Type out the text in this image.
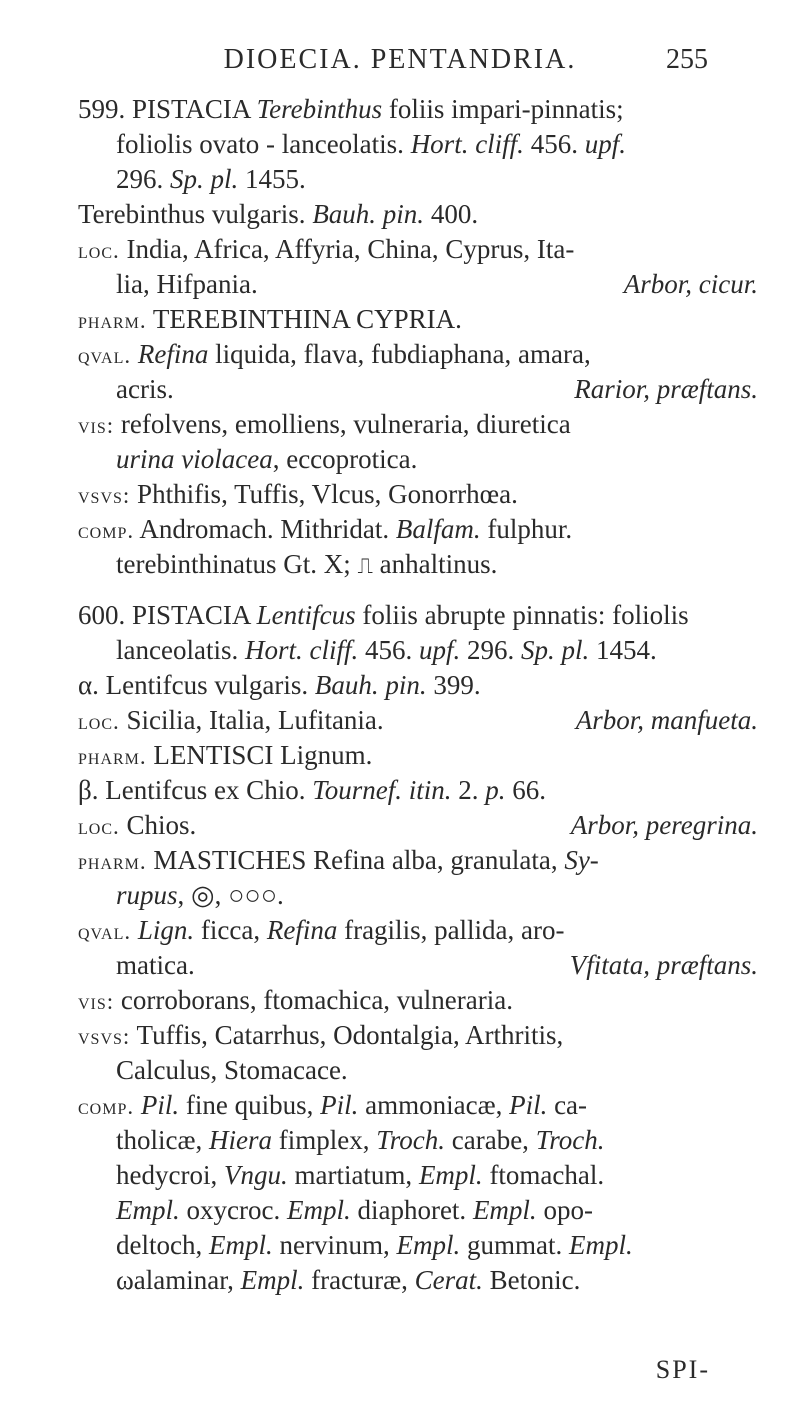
DIOECIA. PENTANDRIA.	255
599. PISTACIA Terebinthus foliis impari-pinnatis;
foliolis ovato - lanceolatis. Hort. cliff. 456. upf.
296. Sp. pl. 1455.
Terebinthus vulgaris. Bauh. pin. 400.
loc. India, Africa, Affyria, China, Cyprus, Ita-
lia, Hifpania.	Arbor, cicur.
pharm. TEREBINTHINA CYPRIA.
qval. Refina liquida, flava, fubdiaphana, amara,
acris.	Rarior, præftans.
vis: refolvens, emolliens, vulneraria, diuretica
urina violacea, eccoprotica.
vsvs: Phthifis, Tuffis, Vlcus, Gonorrhœa.
comp. Andromach. Mithridat. Balfam. fulphur.
terebinthinatus Gt. X; ⎍ anhaltinus.
600. PISTACIA Lentifcus foliis abrupte pinnatis: foliolis
lanceolatis. Hort. cliff. 456. upf. 296. Sp. pl. 1454.
α. Lentifcus vulgaris. Bauh. pin. 399.
loc. Sicilia, Italia, Lufitania.	Arbor, manfueta.
pharm. LENTISCI Lignum.
β. Lentifcus ex Chio. Tournef. itin. 2. p. 66.
loc. Chios.	Arbor, peregrina.
pharm. MASTICHES Refina alba, granulata, Sy-
rupus, ◎, ○○○.
qval. Lign. ficca, Refina fragilis, pallida, aro-
matica.	Vfitata, præftans.
vis: corroborans, ftomachica, vulneraria.
vsvs: Tuffis, Catarrhus, Odontalgia, Arthritis,
Calculus, Stomacace.
comp. Pil. fine quibus, Pil. ammoniacæ, Pil. ca-
tholicæ, Hiera fimplex, Troch. carabe, Troch.
hedycroi, Vngu. martiatum, Empl. ftomachal.
Empl. oxycroc. Empl. diaphoret. Empl. opo-
deltoch, Empl. nervinum, Empl. gummat. Empl.
ωalaminar, Empl. fracturæ, Cerat. Betonic.
SPI-
